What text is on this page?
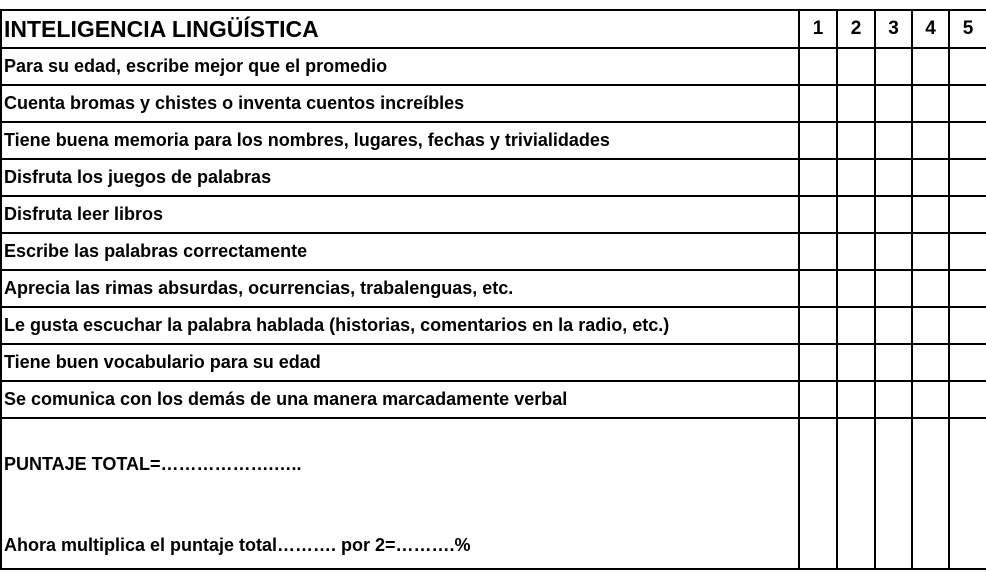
INTELIGENCIA LINGÜÍSTICA	1	2	3	4	5
Para su edad, escribe mejor que el promedio					
Cuenta bromas y chistes o inventa cuentos increíbles					
Tiene buena memoria para los nombres, lugares, fechas y trivialidades					
Disfruta los juegos de palabras					
Disfruta leer libros					
Escribe las palabras correctamente					
Aprecia las rimas absurdas, ocurrencias, trabalenguas, etc.					
Le gusta escuchar la palabra hablada (historias, comentarios en la radio, etc.)					
Tiene buen vocabulario para su edad					
Se comunica con los demás de una manera marcadamente verbal					

PUNTAJE TOTAL=……………….…..
Ahora multiplica el puntaje total………. por 2=……….%					
